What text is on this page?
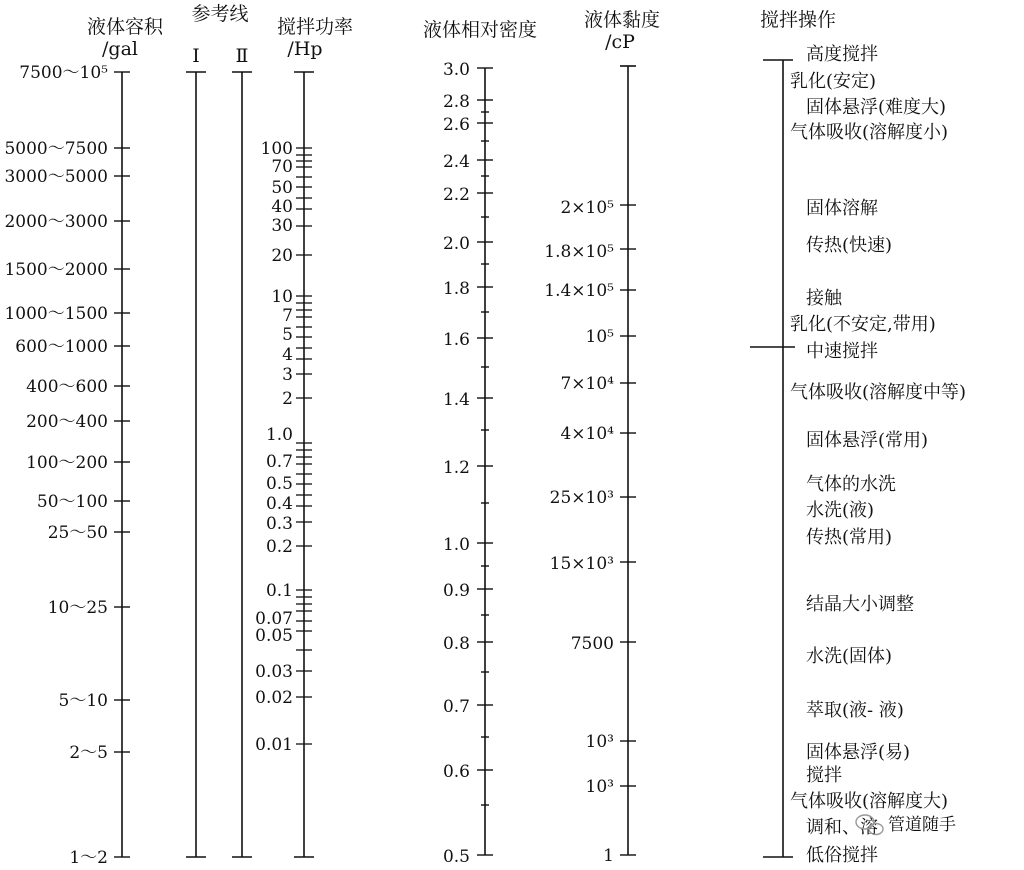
液体容积
/gal
参考线
Ⅰ Ⅱ
搅拌功率
/Hp
液体相对密度 液体黏度
/cP
搅拌操作
7500～10⁵
5000～7500
3000～5000
2000～3000
1500～2000
1000～1500
600～1000
400～600
200～400
100～200
50～100
25～50
10～25
5～10
2～5
1～2
100
70
50
40
30
20
10
7
5
4
3
2
1.0
0.7
0.5
0.4
0.3
0.2
0.1
0.07
0.05
0.03
0.02
0.01
3.0
2.8
2.6
2.4
2.2
2.0
1.8
1.6
1.4
1.2
1.0
0.9
0.8
0.7
0.6
0.5
2×10⁵
1.8×10⁵
1.4×10⁵
10⁵
7×10⁴
4×10⁴
25×10³
15×10³
7500
10³
10³
1
高度搅拌
乳化(安定)
固体悬浮(难度大)
气体吸收(溶解度小)
固体溶解
传热(快速)
接触
乳化(不安定,带用)
中速搅拌
气体吸收(溶解度中等)
固体悬浮(常用)
气体的水洗
水洗(液)
传热(常用)
结晶大小调整
水洗(固体)
萃取(液- 液)
固体悬浮(易)
搅拌
气体吸收(溶解度大)
调和、溶
低俗搅拌
管道随手
